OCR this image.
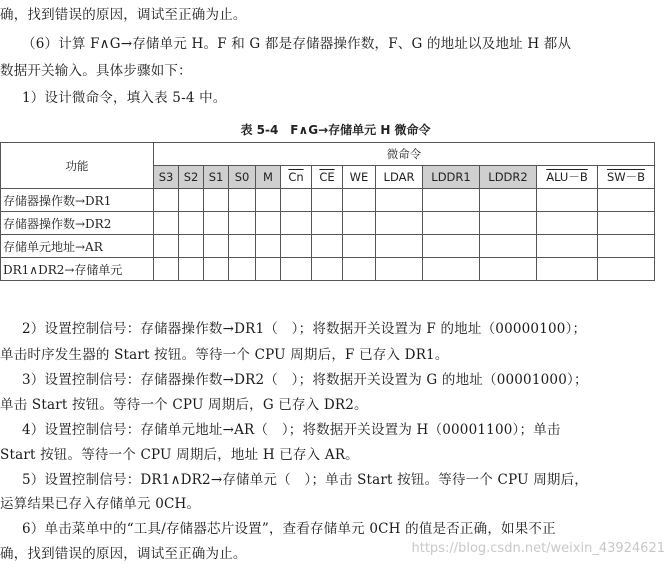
确，找到错误的原因，调试至正确为止。
（6）计算 F∧G→存储单元 H。F 和 G 都是存储器操作数，F、G 的地址以及地址 H 都从
数据开关输入。具体步骤如下：
1）设计微命令，填入表 5-4 中。
表 5-4　F∧G→存储单元 H 微命令
功能	微命令												
	S3	S2	S1	S0	M	$\overline{Cn}$	$\overline{CE}$	WE	LDAR	LDDR1	LDDR2	ALU－B	SW－B
存储器操作数→DR1													
存储器操作数→DR2													
存储单元地址→AR													
DR1∧DR2→存储单元													
2）设置控制信号：存储器操作数→DR1（　）；将数据开关设置为 F 的地址（00000100）；
单击时序发生器的 Start 按钮。等待一个 CPU 周期后，F 已存入 DR1。
3）设置控制信号：存储器操作数→DR2（　）；将数据开关设置为 G 的地址（00001000）；
单击 Start 按钮。等待一个 CPU 周期后，G 已存入 DR2。
4）设置控制信号：存储单元地址→AR（　）；将数据开关设置为 H（00001100）；单击
Start 按钮。等待一个 CPU 周期后，地址 H 已存入 AR。
5）设置控制信号：DR1∧DR2→存储单元（　）；单击 Start 按钮。等待一个 CPU 周期后，
运算结果已存入存储单元 0CH。
6）单击菜单中的“工具/存储器芯片设置”，查看存储单元 0CH 的值是否正确，如果不正
确，找到错误的原因，调试至正确为止。	https://blog.csdn.net/weixin_43924621
